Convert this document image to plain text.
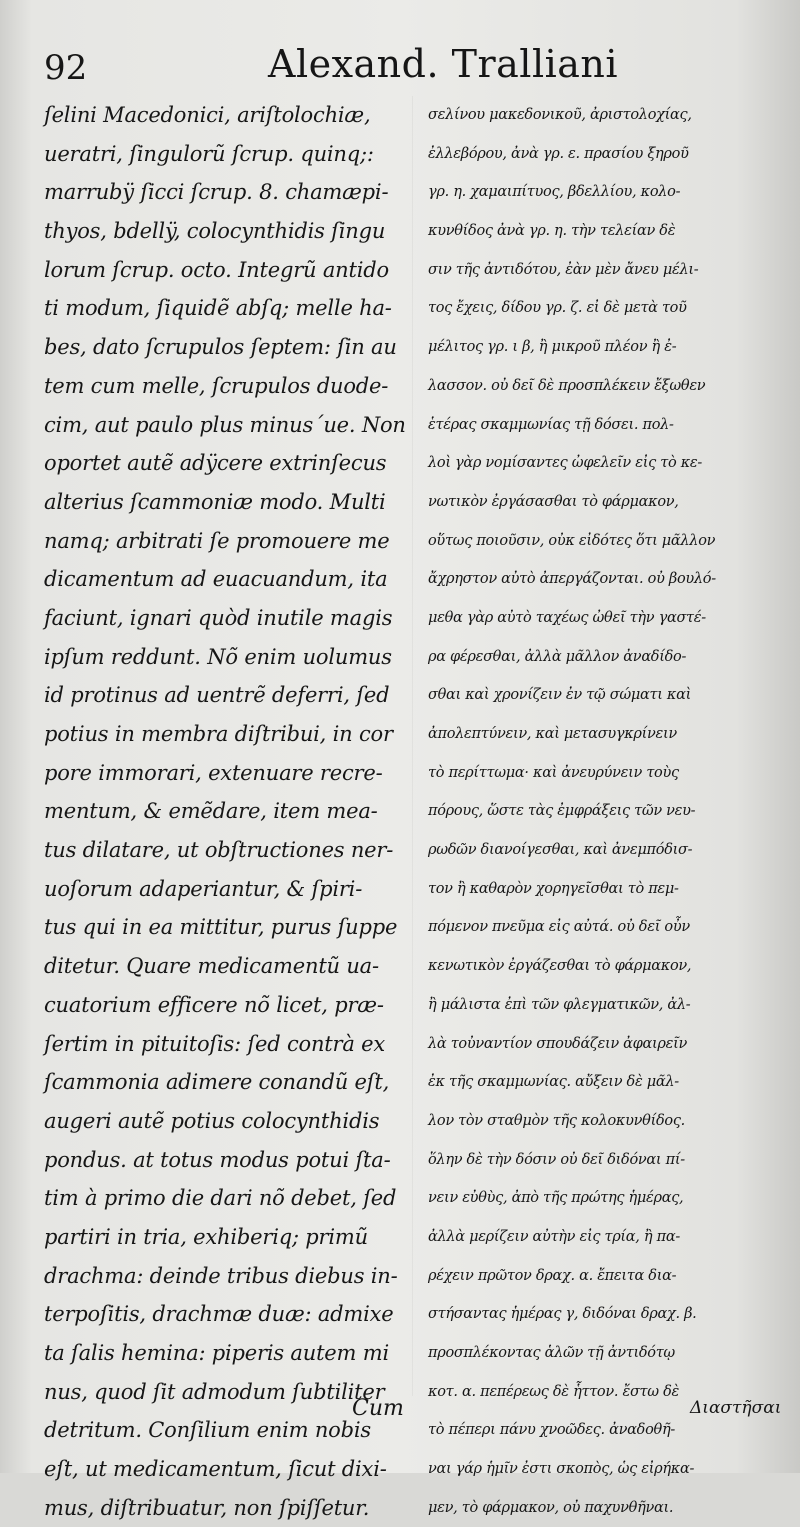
92	Alexand. Tralliani
ſelini Macedonici, ariſtolochiæ,
ueratri, ſingulorũ ſcrup. quinq;:
marrubÿ ſicci ſcrup. 8. chamæpi-
thyos, bdellÿ, colocynthidis ſingu
lorum ſcrup. octo. Integrũ antido
ti modum, ſiquidẽ abſq; melle ha-
bes, dato ſcrupulos ſeptem: ſin au
tem cum melle, ſcrupulos duode-
cim, aut paulo plus minus´ue. Non
oportet autẽ adÿcere extrinſecus
alterius ſcammoniæ modo. Multi
namq; arbitrati ſe promouere me
dicamentum ad euacuandum, ita
faciunt, ignari quòd inutile magis
ipſum reddunt. Nõ enim uolumus
id protinus ad uentrẽ deferri, ſed
potius in membra diſtribui, in cor
pore immorari, extenuare recre-
mentum, & emẽdare, item mea-
tus dilatare, ut obſtructiones ner-
uoſorum adaperiantur, & ſpiri-
tus qui in ea mittitur, purus ſuppe
ditetur. Quare medicamentũ ua-
cuatorium efficere nõ licet, præ-
ſertim in pituitoſis: ſed contrà ex
ſcammonia adimere conandũ eſt,
augeri autẽ potius colocynthidis
pondus. at totus modus potui ſta-
tim à primo die dari nõ debet, ſed
partiri in tria, exhiberiq; primũ
drachma: deinde tribus diebus in-
terpoſitis, drachmæ duæ: admixe
ta ſalis hemina: piperis autem mi
nus, quod ſit admodum ſubtiliter
detritum. Conſilium enim nobis
eſt, ut medicamentum, ſicut dixi-
mus, diſtribuatur, non ſpiſſetur.
σελίνου μακεδονικοῦ, ἀριστολοχίας,
ἐλλεβόρου, ἀνὰ γρ. ε. πρασίου ξηροῦ
γρ. η. χαμαιπίτυος, βδελλίου, κολο-
κυνθίδος ἀνὰ γρ. η. τὴν τελείαν δὲ
σιν τῆς ἀντιδότου, ἐὰν μὲν ἄνευ μέλι-
τος ἔχεις, δίδου γρ. ζ. εἰ δὲ μετὰ τοῦ
μέλιτος γρ. ι β, ἢ μικροῦ πλέον ἢ ἐ-
λασσον. οὐ δεῖ δὲ προσπλέκειν ἔξωθεν
ἑτέρας σκαμμωνίας τῇ δόσει. πολ-
λοὶ γὰρ νομίσαντες ὠφελεῖν εἰς τὸ κε-
νωτικὸν ἐργάσασθαι τὸ φάρμακον,
οὕτως ποιοῦσιν, οὐκ εἰδότες ὅτι μᾶλλον
ἄχρηστον αὐτὸ ἀπεργάζονται. οὐ βουλό-
μεθα γὰρ αὐτὸ ταχέως ὠθεῖ τὴν γαστέ-
ρα φέρεσθαι, ἀλλὰ μᾶλλον ἀναδίδο-
σθαι καὶ χρονίζειν ἐν τῷ σώματι καὶ
ἀπολεπτύνειν, καὶ μετασυγκρίνειν
τὸ περίττωμα· καὶ ἀνευρύνειν τοὺς
πόρους, ὥστε τὰς ἐμφράξεις τῶν νευ-
ρωδῶν διανοίγεσθαι, καὶ ἀνεμπόδισ-
τον ἢ καθαρὸν χορηγεῖσθαι τὸ πεμ-
πόμενον πνεῦμα εἰς αὐτά. οὐ δεῖ οὖν
κενωτικὸν ἐργάζεσθαι τὸ φάρμακον,
ἢ μάλιστα ἐπὶ τῶν φλεγματικῶν, ἀλ-
λὰ τοὐναντίον σπουδάζειν ἀφαιρεῖν
ἐκ τῆς σκαμμωνίας. αὔξειν δὲ μᾶλ-
λον τὸν σταθμὸν τῆς κολοκυνθίδος.
ὅλην δὲ τὴν δόσιν οὐ δεῖ διδόναι πί-
νειν εὐθὺς, ἀπὸ τῆς πρώτης ἡμέρας,
ἀλλὰ μερίζειν αὐτὴν εἰς τρία, ἢ πα-
ρέχειν πρῶτον δραχ. α. ἔπειτα δια-
στήσαντας ἡμέρας γ, διδόναι δραχ. β.
προσπλέκοντας ἁλῶν τῇ ἀντιδότῳ
κοτ. α. πεπέρεως δὲ ἧττον. ἔστω δὲ
τὸ πέπερι πάνυ χνοῶδες. ἀναδοθῆ-
ναι γάρ ἡμῖν ἐστι σκοπὸς, ὡς εἰρήκα-
μεν, τὸ φάρμακον, οὐ παχυνθῆναι.
Cum	Διαστῆσαι
